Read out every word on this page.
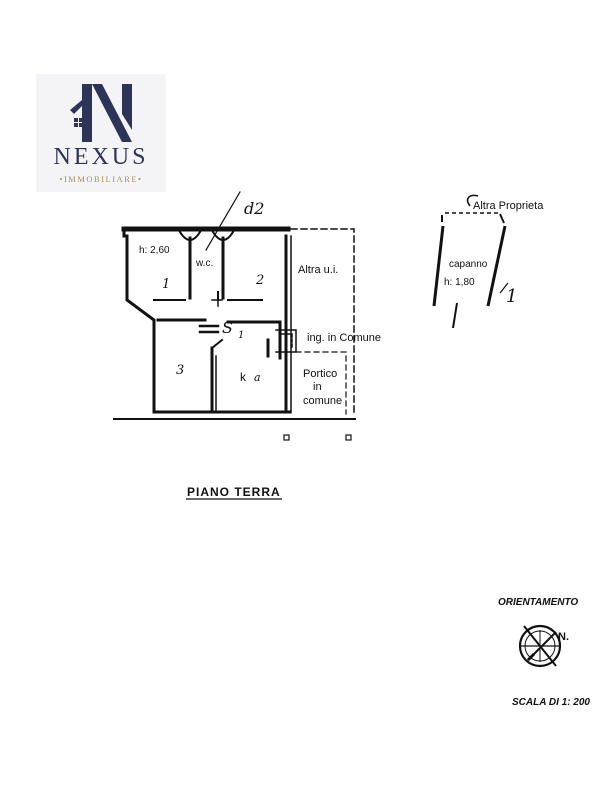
NEXUS
•IMMOBILIARE•
h: 2,60
w.c.
1	2
3	k a
Altra u.i.
ing. in Comune
Portico
in
comune
1
d2
S
1
Altra Proprieta
capanno
h: 1,80
PIANO TERRA
ORIENTAMENTO
N.
SCALA DI 1: 200
